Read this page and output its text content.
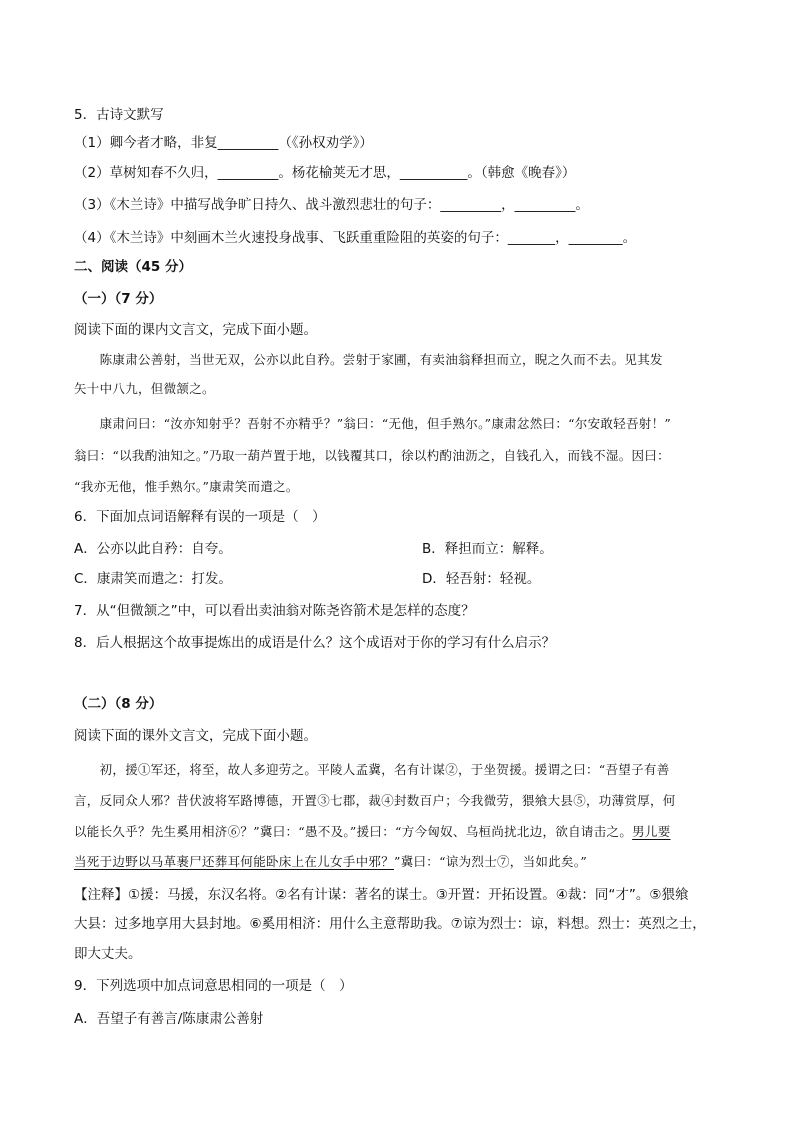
5．古诗文默写
（1）卿今者才略，非复_________（《孙权劝学》）
（2）草树知春不久归，_________。杨花榆荚无才思，__________。（韩愈《晚春》）
（3）《木兰诗》中描写战争旷日持久、战斗激烈悲壮的句子：_________，_________。
（4）《木兰诗》中刻画木兰火速投身战事、飞跃重重险阻的英姿的句子：_______，________。
二、阅读（45 分）
（一）（7 分）
阅读下面的课内文言文，完成下面小题。
　　陈康肃公善射，当世无双，公亦以此自矜。尝射于家圃，有卖油翁释担而立，睨之久而不去。见其发
矢十中八九，但微颔之。
　　康肃问曰：“汝亦知射乎？吾射不亦精乎？”翁曰：“无他，但手熟尔。”康肃忿然曰：“尔安敢轻吾射！”
翁曰：“以我酌油知之。”乃取一葫芦置于地，以钱覆其口，徐以杓酌油沥之，自钱孔入，而钱不湿。因曰：
“我亦无他，惟手熟尔。”康肃笑而遣之。
6．下面加点词语解释有误的一项是（　）
A．公亦以此自矜：自夸。	B．释担而立：解释。
C．康肃笑而遣之：打发。	D．轻吾射：轻视。
7．从“但微颔之”中，可以看出卖油翁对陈尧咨箭术是怎样的态度？
8．后人根据这个故事提炼出的成语是什么？这个成语对于你的学习有什么启示？
（二）（8 分）
阅读下面的课外文言文，完成下面小题。
　　初，援①军还，将至，故人多迎劳之。平陵人孟冀，名有计谋②，于坐贺援。援谓之曰：“吾望子有善
言，反同众人邪？昔伏波将军路博德，开置③七郡，裁④封数百户；今我微劳，猥飨大县⑤，功薄赏厚，何
以能长久乎？先生奚用相济⑥？”冀曰：“愚不及。”援曰：“方今匈奴、乌桓尚扰北边，欲自请击之。男儿要
当死于边野以马革裹尸还葬耳何能卧床上在儿女手中邪？”冀曰：“谅为烈士⑦，当如此矣。”
【注释】①援：马援，东汉名将。②名有计谋：著名的谋士。③开置：开拓设置。④裁：同“才”。⑤猥飨
大县：过多地享用大县封地。⑥奚用相济：用什么主意帮助我。⑦谅为烈士：谅，料想。烈士：英烈之士，
即大丈夫。
9．下列选项中加点词意思相同的一项是（　）
A．吾望子有善言/陈康肃公善射
